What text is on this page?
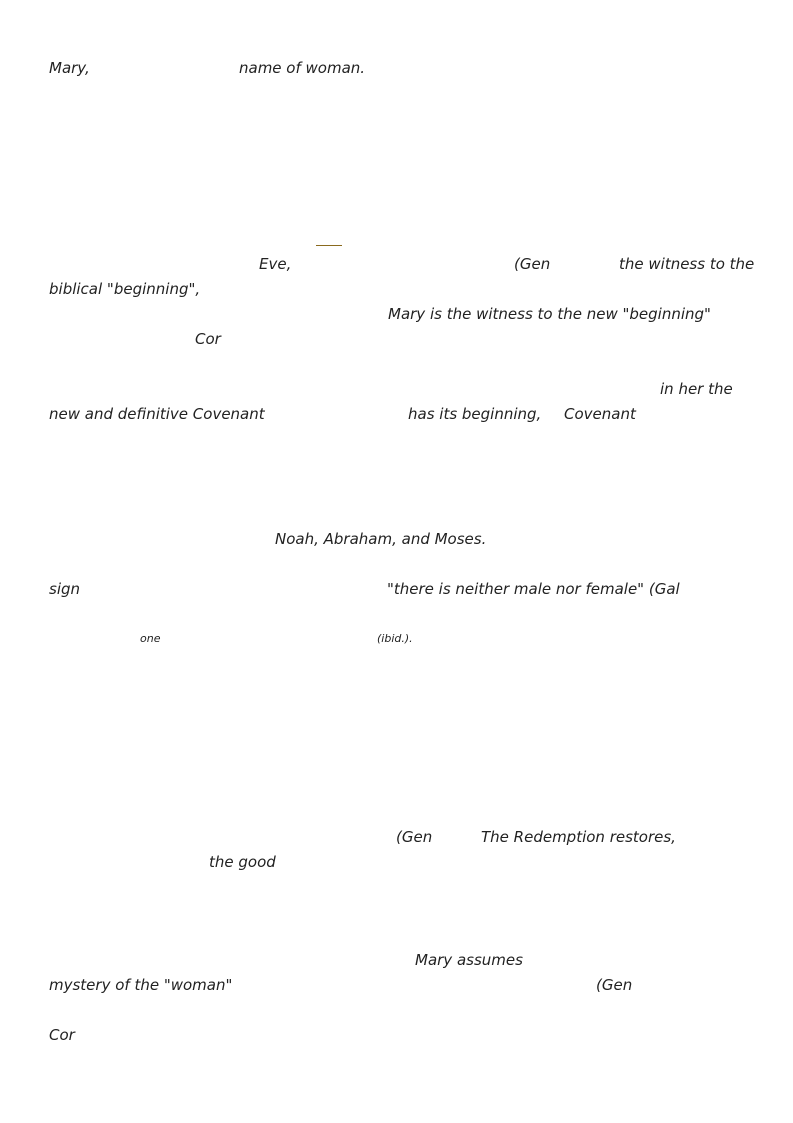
Mary,	name of woman.
Eve,	(Gen	the witness to the
biblical "beginning",
Mary is the witness to the new "beginning"
Cor
in her the
new and definitive Covenant	has its beginning, Covenant
Noah, Abraham, and Moses.
sign	"there is neither male nor female" (Gal
one	(ibid.).
(Gen	The Redemption restores,
the good
Mary assumes
mystery of the "woman"	(Gen
Cor
